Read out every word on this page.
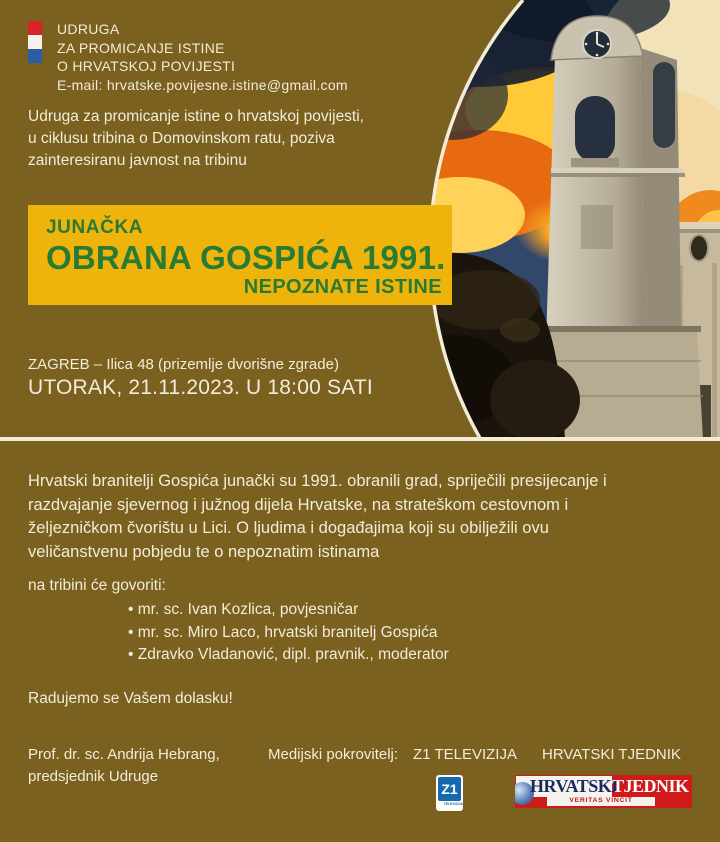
UDRUGA
ZA PROMICANJE ISTINE
O HRVATSKOJ POVIJESTI
E-mail: hrvatske.povijesne.istine@gmail.com
Udruga za promicanje istine o hrvatskoj povijesti,
u ciklusu tribina o Domovinskom ratu, poziva
zainteresiranu javnost na tribinu
JUNAČKA
OBRANA GOSPIĆA 1991.
NEPOZNATE ISTINE
ZAGREB – Ilica 48 (prizemlje dvorišne zgrade)
UTORAK, 21.11.2023. U 18:00 SATI
Hrvatski branitelji Gospića junački su 1991. obranili grad, spriječili presijecanje i
razdvajanje sjevernog i južnog dijela Hrvatske, na strateškom cestovnom i
željezničkom čvorištu u Lici. O ljudima i događajima koji su obilježili ovu
veličanstvenu pobjedu te o nepoznatim istinama
na tribini će govoriti:
• mr. sc. Ivan Kozlica, povjesničar
• mr. sc. Miro Laco, hrvatski branitelj Gospića
• Zdravko Vladanović, dipl. pravnik., moderator
Radujemo se Vašem dolasku!
Prof. dr. sc. Andrija Hebrang,
predsjednik Udruge
Medijski pokrovitelj: Z1 TELEVIZIJA HRVATSKI TJEDNIK
Z1
TELEVIZIJA
HRVATSKI
TJEDNIK
VERITAS VINCIT
